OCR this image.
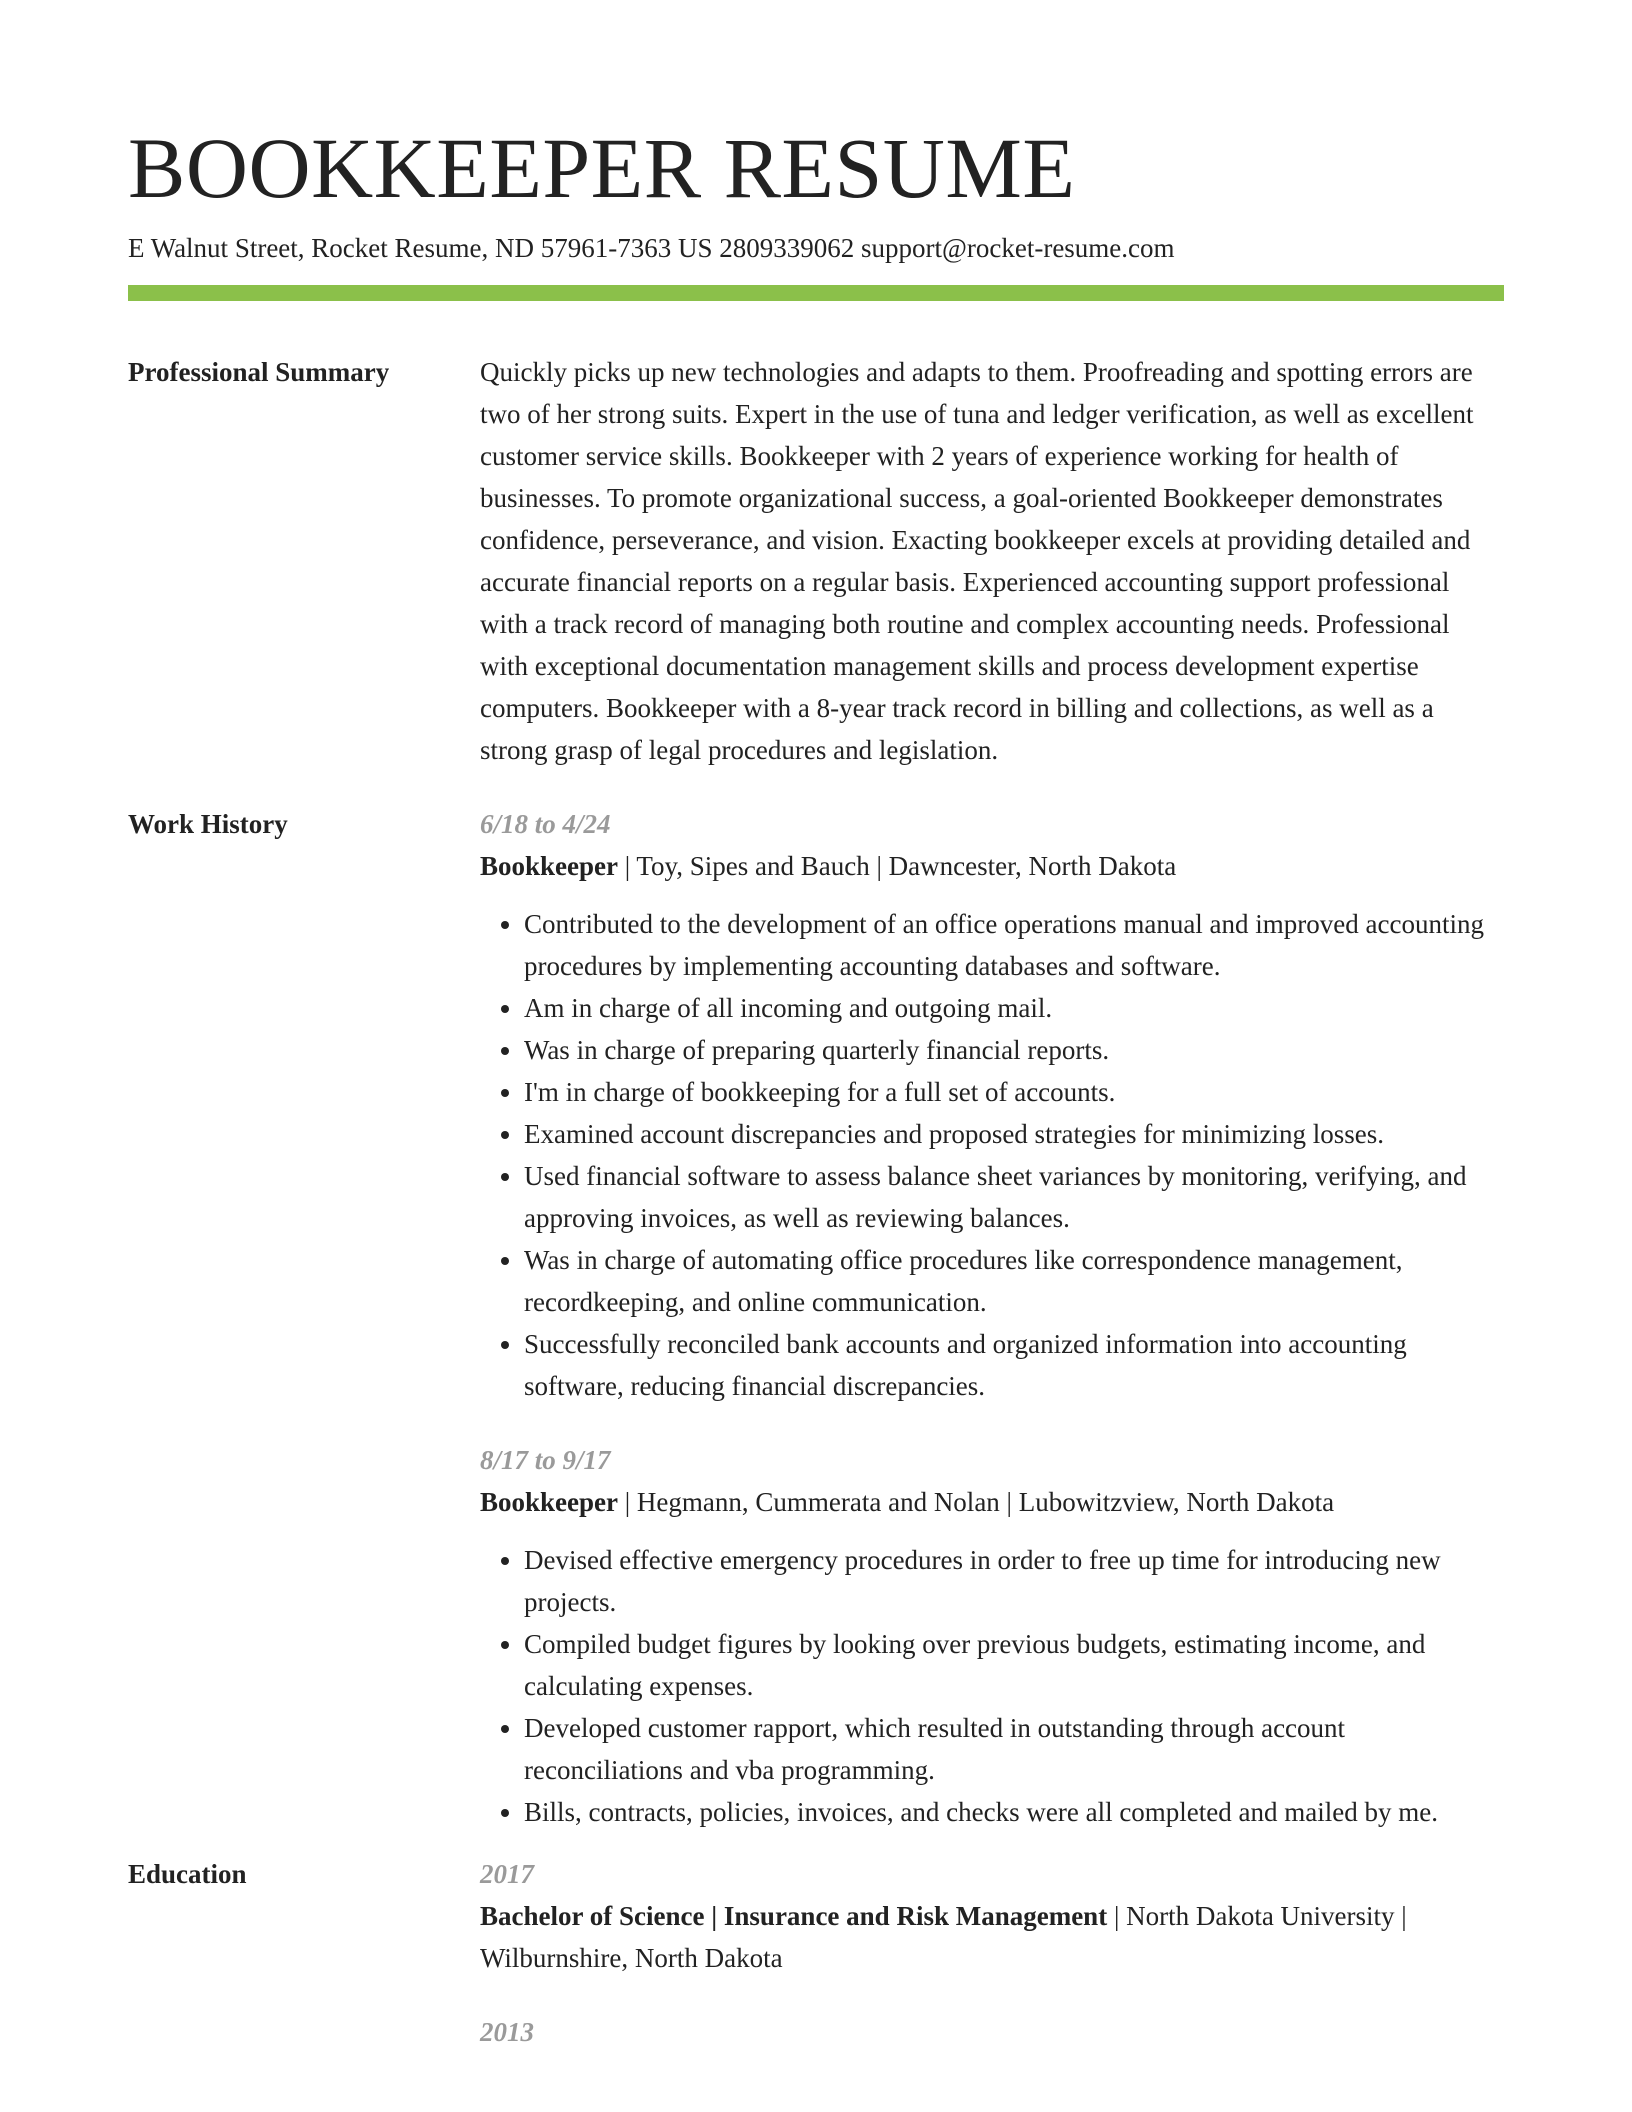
BOOKKEEPER RESUME
E Walnut Street, Rocket Resume, ND 57961-7363 US 2809339062 support@rocket-resume.com
Professional Summary	Quickly picks up new technologies and adapts to them. Proofreading and spotting errors are two of her strong suits. Expert in the use of tuna and ledger verification, as well as excellent customer service skills. Bookkeeper with 2 years of experience working for health of businesses. To promote organizational success, a goal-oriented Bookkeeper demonstrates confidence, perseverance, and vision. Exacting bookkeeper excels at providing detailed and accurate financial reports on a regular basis. Experienced accounting support professional with a track record of managing both routine and complex accounting needs. Professional with exceptional documentation management skills and process development expertise computers. Bookkeeper with a 8-year track record in billing and collections, as well as a strong grasp of legal procedures and legislation.
Work History	6/18 to 4/24
Bookkeeper | Toy, Sipes and Bauch | Dawncester, North Dakota
• Contributed to the development of an office operations manual and improved accounting procedures by implementing accounting databases and software.
• Am in charge of all incoming and outgoing mail.
• Was in charge of preparing quarterly financial reports.
• I'm in charge of bookkeeping for a full set of accounts.
• Examined account discrepancies and proposed strategies for minimizing losses.
• Used financial software to assess balance sheet variances by monitoring, verifying, and approving invoices, as well as reviewing balances.
• Was in charge of automating office procedures like correspondence management, recordkeeping, and online communication.
• Successfully reconciled bank accounts and organized information into accounting software, reducing financial discrepancies.
8/17 to 9/17
Bookkeeper | Hegmann, Cummerata and Nolan | Lubowitzview, North Dakota
• Devised effective emergency procedures in order to free up time for introducing new projects.
• Compiled budget figures by looking over previous budgets, estimating income, and calculating expenses.
• Developed customer rapport, which resulted in outstanding through account reconciliations and vba programming.
• Bills, contracts, policies, invoices, and checks were all completed and mailed by me.
Education	2017
Bachelor of Science | Insurance and Risk Management | North Dakota University | Wilburnshire, North Dakota
2013
